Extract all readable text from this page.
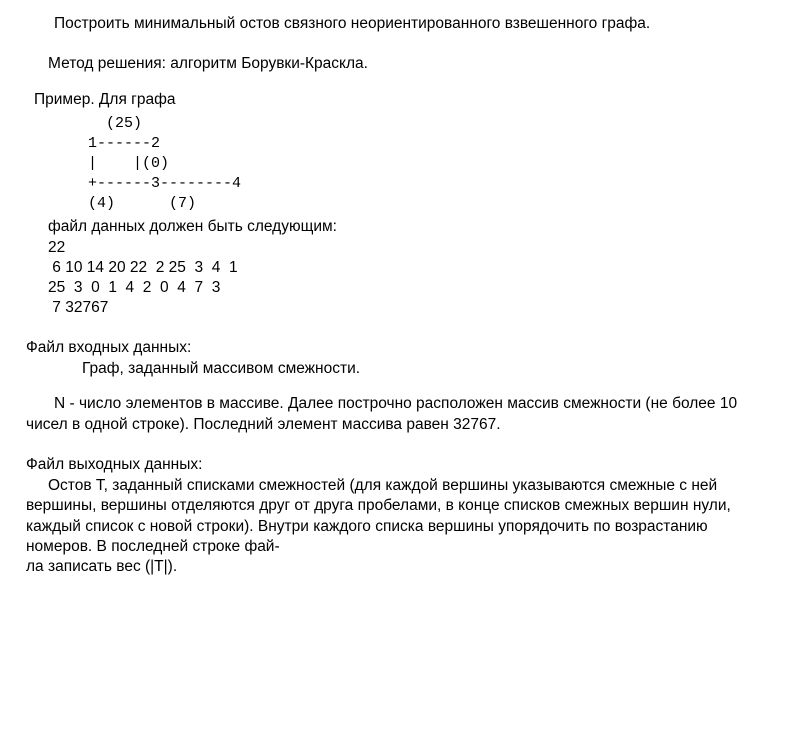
Построить минимальный остов связного неориентированного взвешенного графа.

Метод решения: алгоритм Борувки-Краскла.

Пример. Для графа

(25)
1------2
|    |(0)
+------3--------4
(4)      (7)

файл данных должен быть следующим:

22
6 10 14 20 22  2 25  3  4  1
25  3  0  1  4  2  0  4  7  3
7 32767

Файл входных данных:

Граф, заданный массивом смежности.

N - число элементов в массиве. Далее построчно расположен массив смежности (не более 10 чисел в одной строке). Последний элемент массива равен 32767.

Файл выходных данных:

Остов Т, заданный списками смежностей (для каждой вершины указываются смежные с ней вершины, вершины отделяются друг от друга пробелами, в конце списков смежных вершин нули, каждый список с новой строки). Внутри каждого списка вершины упорядочить по возрастанию номеров. В последней строке фай-

ла записать вес (|Т|).
